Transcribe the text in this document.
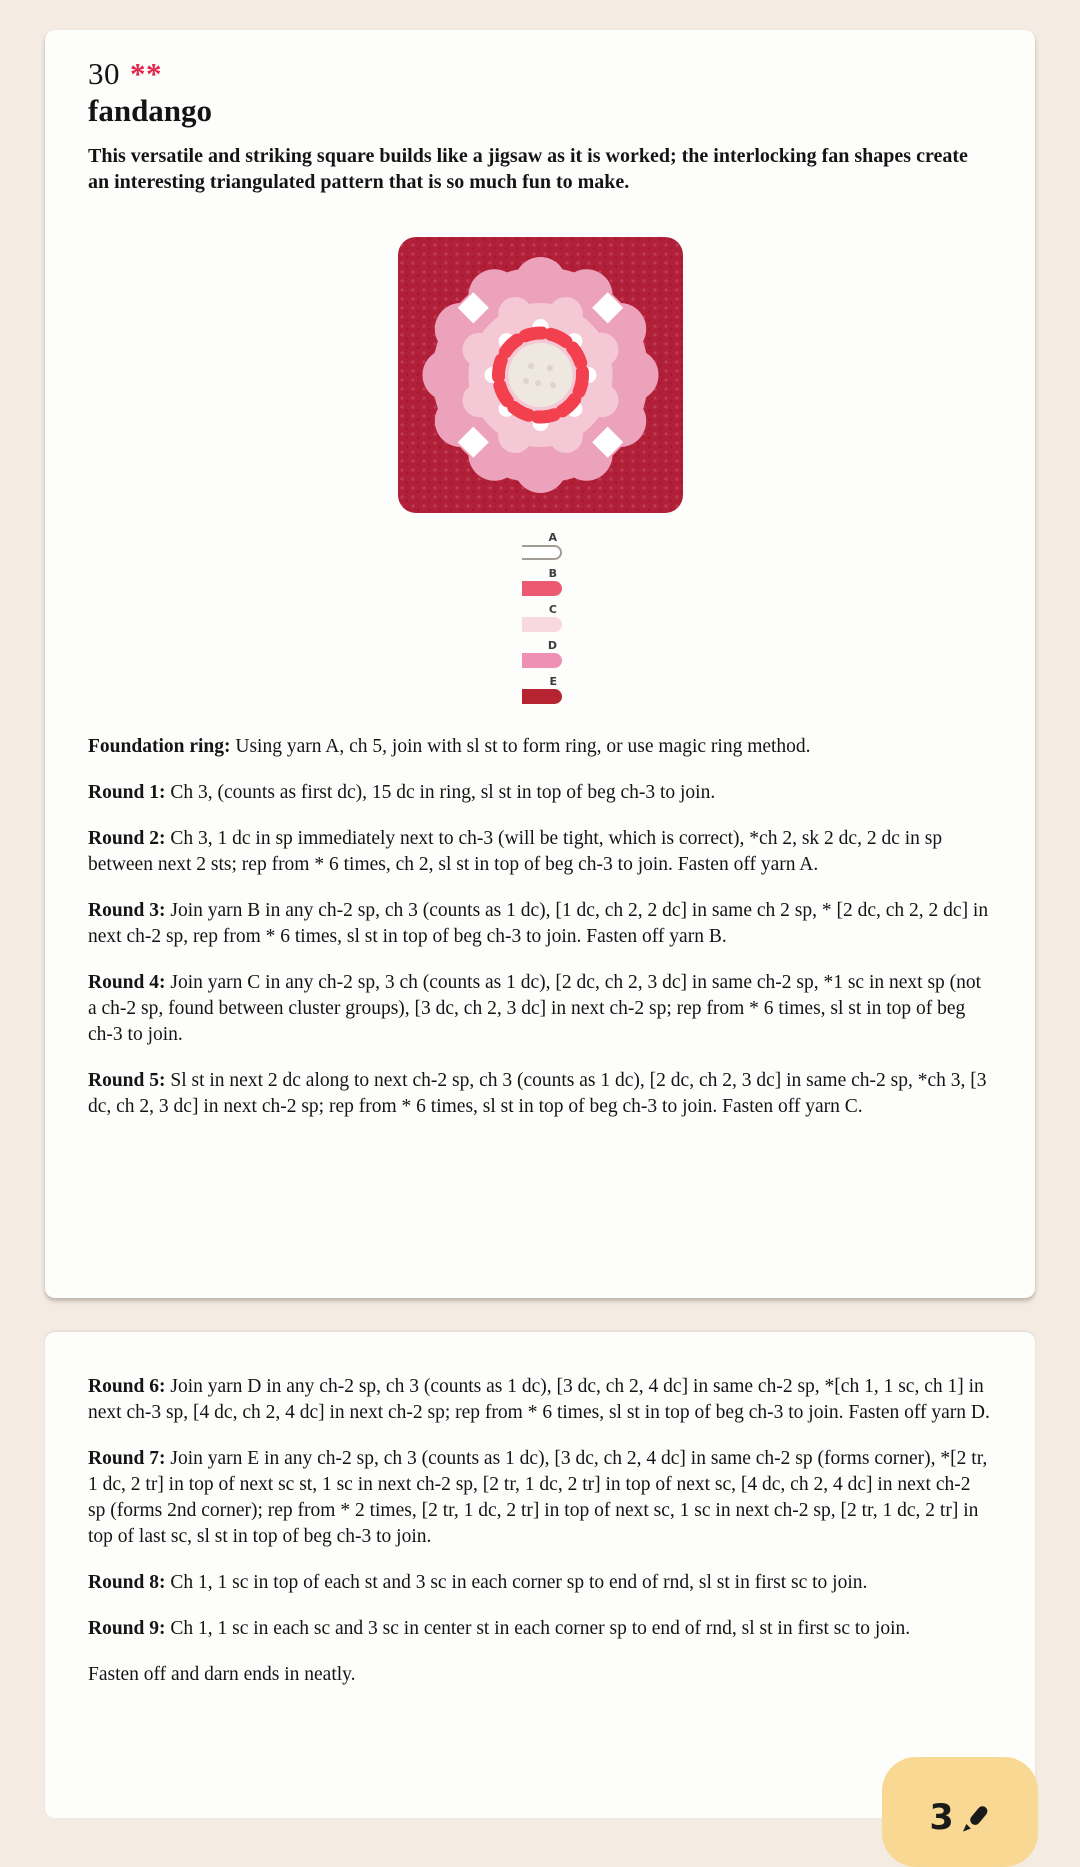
30 **
fandango

This versatile and striking square builds like a jigsaw as it is worked; the interlocking fan shapes create an interesting triangulated pattern that is so much fun to make.

A
B
C
D
E

Foundation ring: Using yarn A, ch 5, join with sl st to form ring, or use magic ring method.

Round 1: Ch 3, (counts as first dc), 15 dc in ring, sl st in top of beg ch-3 to join.

Round 2: Ch 3, 1 dc in sp immediately next to ch-3 (will be tight, which is correct), *ch 2, sk 2 dc, 2 dc in sp between next 2 sts; rep from * 6 times, ch 2, sl st in top of beg ch-3 to join. Fasten off yarn A.

Round 3: Join yarn B in any ch-2 sp, ch 3 (counts as 1 dc), [1 dc, ch 2, 2 dc] in same ch 2 sp, * [2 dc, ch 2, 2 dc] in next ch-2 sp, rep from * 6 times, sl st in top of beg ch-3 to join. Fasten off yarn B.

Round 4: Join yarn C in any ch-2 sp, 3 ch (counts as 1 dc), [2 dc, ch 2, 3 dc] in same ch-2 sp, *1 sc in next sp (not a ch-2 sp, found between cluster groups), [3 dc, ch 2, 3 dc] in next ch-2 sp; rep from * 6 times, sl st in top of beg ch-3 to join.

Round 5: Sl st in next 2 dc along to next ch-2 sp, ch 3 (counts as 1 dc), [2 dc, ch 2, 3 dc] in same ch-2 sp, *ch 3, [3 dc, ch 2, 3 dc] in next ch-2 sp; rep from * 6 times, sl st in top of beg ch-3 to join. Fasten off yarn C.

Round 6: Join yarn D in any ch-2 sp, ch 3 (counts as 1 dc), [3 dc, ch 2, 4 dc] in same ch-2 sp, *[ch 1, 1 sc, ch 1] in next ch-3 sp, [4 dc, ch 2, 4 dc] in next ch-2 sp; rep from * 6 times, sl st in top of beg ch-3 to join. Fasten off yarn D.

Round 7: Join yarn E in any ch-2 sp, ch 3 (counts as 1 dc), [3 dc, ch 2, 4 dc] in same ch-2 sp (forms corner), *[2 tr, 1 dc, 2 tr] in top of next sc st, 1 sc in next ch-2 sp, [2 tr, 1 dc, 2 tr] in top of next sc, [4 dc, ch 2, 4 dc] in next ch-2 sp (forms 2nd corner); rep from * 2 times, [2 tr, 1 dc, 2 tr] in top of next sc, 1 sc in next ch-2 sp, [2 tr, 1 dc, 2 tr] in top of last sc, sl st in top of beg ch-3 to join.

Round 8: Ch 1, 1 sc in top of each st and 3 sc in each corner sp to end of rnd, sl st in first sc to join.

Round 9: Ch 1, 1 sc in each sc and 3 sc in center st in each corner sp to end of rnd, sl st in first sc to join.

Fasten off and darn ends in neatly.

3
